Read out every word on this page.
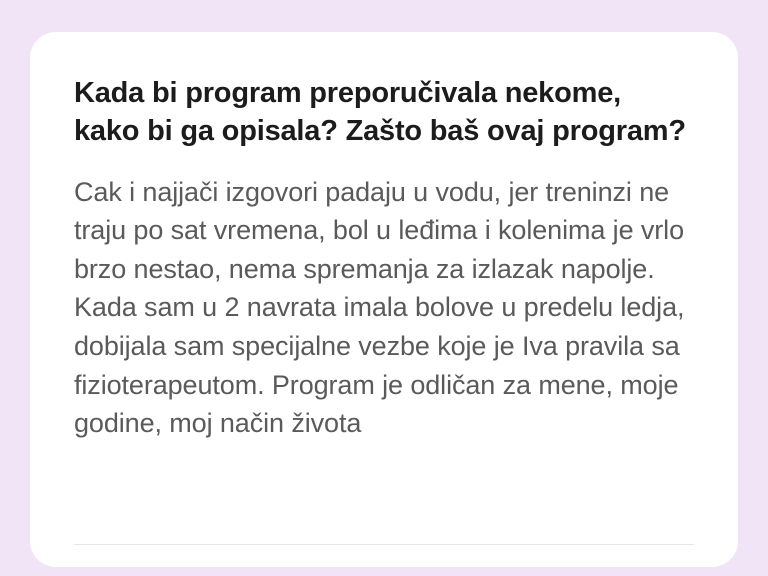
Kada bi program preporučivala nekome, kako bi ga opisala? Zašto baš ovaj program?

Cak i najjači izgovori padaju u vodu, jer treninzi ne traju po sat vremena, bol u leđima i kolenima je vrlo brzo nestao, nema spremanja za izlazak napolje. Kada sam u 2 navrata imala bolove u predelu ledja, dobijala sam specijalne vezbe koje je Iva pravila sa fizioterapeutom. Program je odličan za mene, moje godine, moj način života
